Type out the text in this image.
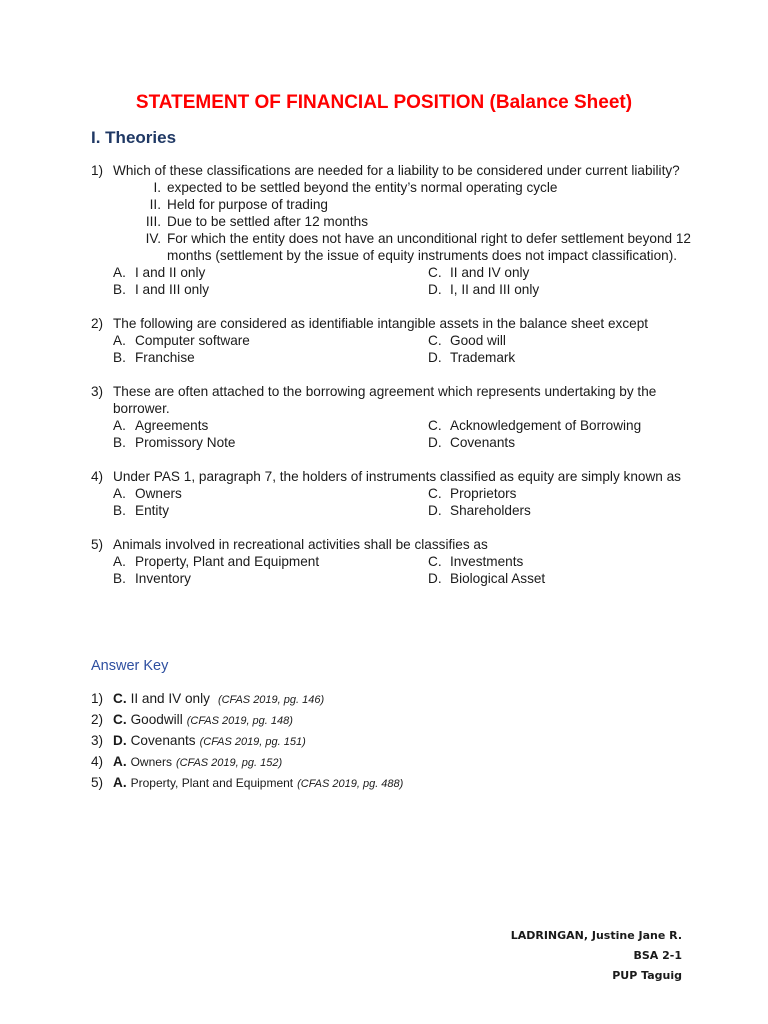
STATEMENT OF FINANCIAL POSITION (Balance Sheet)
I. Theories
1) Which of these classifications are needed for a liability to be considered under current liability?
I. expected to be settled beyond the entity’s normal operating cycle
II. Held for purpose of trading
III. Due to be settled after 12 months
IV. For which the entity does not have an unconditional right to defer settlement beyond 12 months (settlement by the issue of equity instruments does not impact classification).
A. I and II only	C. II and IV only
B. I and III only	D. I, II and III only
2) The following are considered as identifiable intangible assets in the balance sheet except
A. Computer software	C. Good will
B. Franchise	D. Trademark
3) These are often attached to the borrowing agreement which represents undertaking by the borrower.
A. Agreements	C. Acknowledgement of Borrowing
B. Promissory Note	D. Covenants
4) Under PAS 1, paragraph 7, the holders of instruments classified as equity are simply known as
A. Owners	C. Proprietors
B. Entity	D. Shareholders
5) Animals involved in recreational activities shall be classifies as
A. Property, Plant and Equipment	C. Investments
B. Inventory	D. Biological Asset
Answer Key
1) C. II and IV only (CFAS 2019, pg. 146)
2) C. Goodwill (CFAS 2019, pg. 148)
3) D. Covenants (CFAS 2019, pg. 151)
4) A. Owners (CFAS 2019, pg. 152)
5) A. Property, Plant and Equipment (CFAS 2019, pg. 488)
LADRINGAN, Justine Jane R.
BSA 2-1
PUP Taguig
